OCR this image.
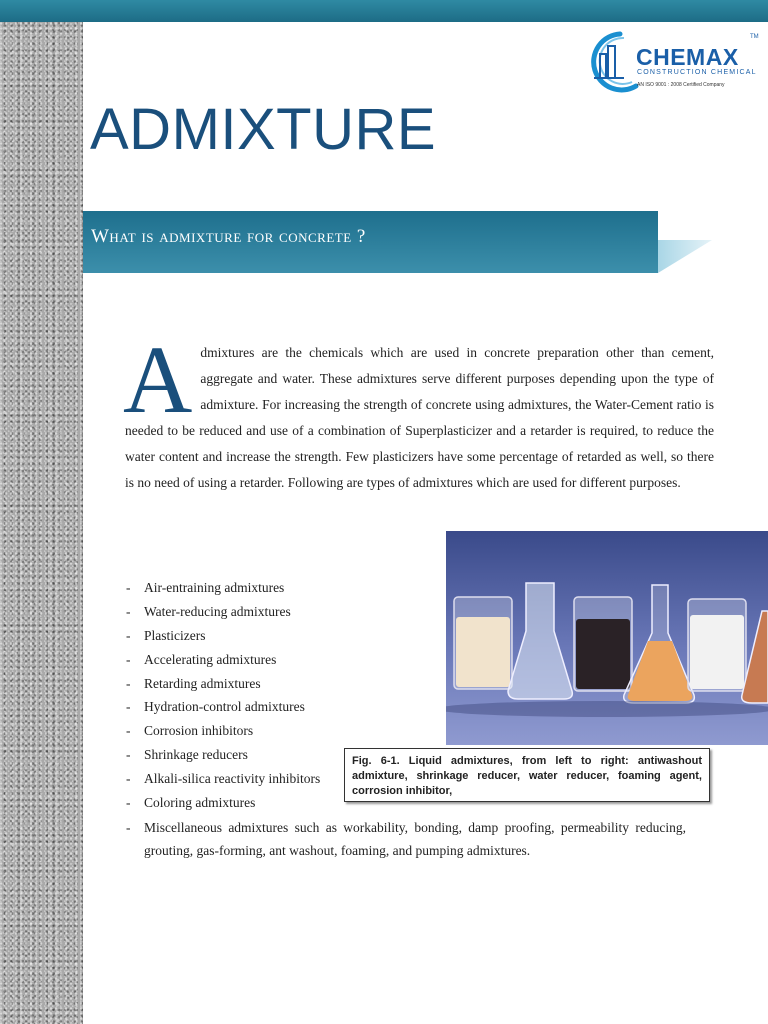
CHEMAX
TM
CONSTRUCTION CHEMICAL
AN ISO 9001 : 2008 Certified Company
ADMIXTURE
What is admixture for concrete ?
A dmixtures are the chemicals which are used in concrete preparation other than cement, aggregate and water. These admixtures serve different purposes depending upon the type of admixture. For increasing the strength of concrete using admixtures, the Water-Cement ratio is needed to be reduced and use of a combination of Superplasticizer and a retarder is required, to reduce the water content and increase the strength. Few plasticizers have some percentage of retarded as well, so there is no need of using a retarder. Following are types of admixtures which are used for different purposes.

Fig. 6-1. Liquid admixtures, from left to right: antiwashout admixture, shrinkage reducer, water reducer, foaming agent, corrosion inhibitor,
- Air-entraining admixtures
- Water-reducing admixtures
- Plasticizers
- Accelerating admixtures
- Retarding admixtures
- Hydration-control admixtures
- Corrosion inhibitors
- Shrinkage reducers
- Alkali-silica reactivity inhibitors
- Coloring admixtures
- Miscellaneous admixtures such as workability, bonding, damp proofing, permeability reducing, grouting, gas-forming, ant washout, foaming, and pumping admixtures.
